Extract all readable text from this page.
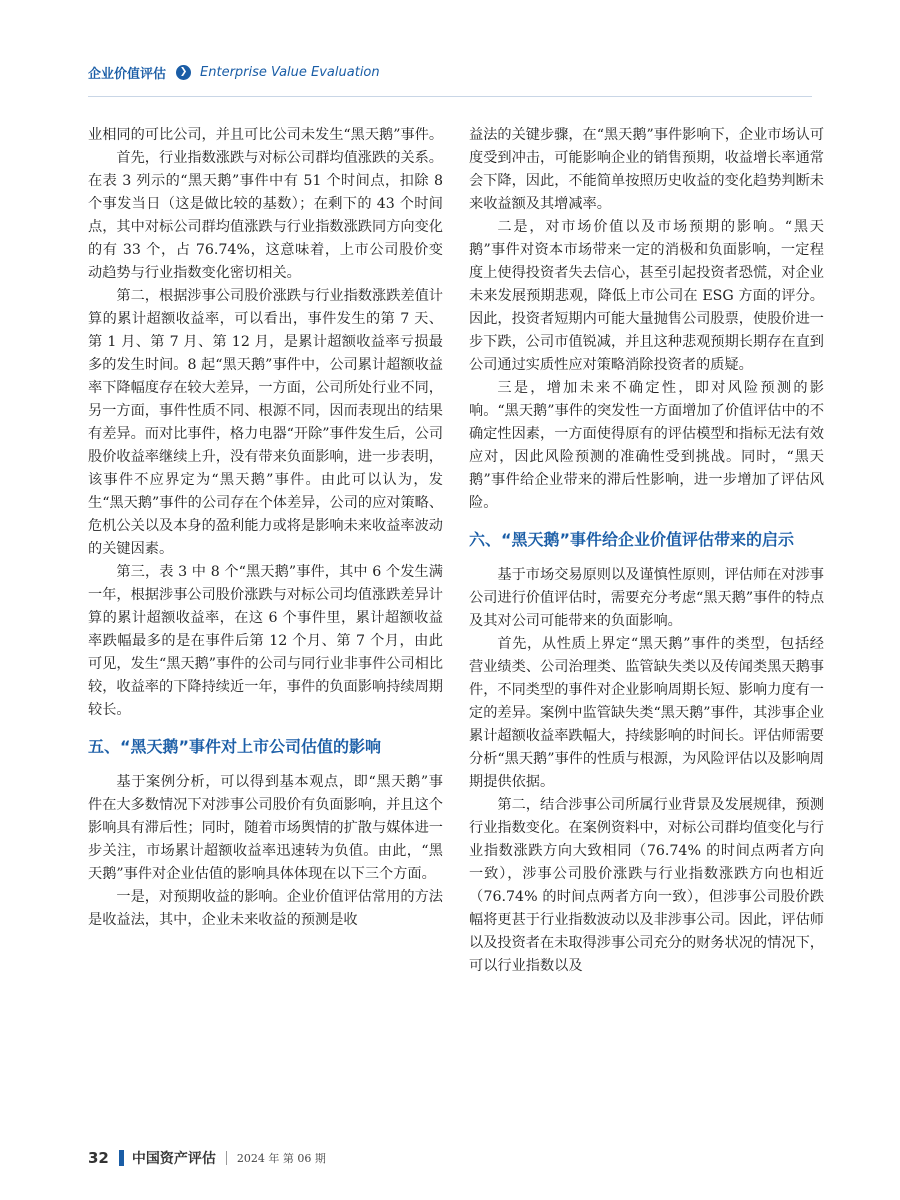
企业价值评估	❯ Enterprise Value Evaluation

业相同的可比公司，并且可比公司未发生“黑天鹅”事件。

首先，行业指数涨跌与对标公司群均值涨跌的关系。在表 3 列示的“黑天鹅”事件中有 51 个时间点，扣除 8 个事发当日（这是做比较的基数）；在剩下的 43 个时间点，其中对标公司群均值涨跌与行业指数涨跌同方向变化的有 33 个，占 76.74%，这意味着，上市公司股价变动趋势与行业指数变化密切相关。

第二，根据涉事公司股价涨跌与行业指数涨跌差值计算的累计超额收益率，可以看出，事件发生的第 7 天、第 1 月、第 7 月、第 12 月，是累计超额收益率亏损最多的发生时间。8 起“黑天鹅”事件中，公司累计超额收益率下降幅度存在较大差异，一方面，公司所处行业不同，另一方面，事件性质不同、根源不同，因而表现出的结果有差异。而对比事件，格力电器“开除”事件发生后，公司股价收益率继续上升，没有带来负面影响，进一步表明，该事件不应界定为“黑天鹅”事件。由此可以认为，发生“黑天鹅”事件的公司存在个体差异，公司的应对策略、危机公关以及本身的盈利能力或将是影响未来收益率波动的关键因素。

第三，表 3 中 8 个“黑天鹅”事件，其中 6 个发生满一年，根据涉事公司股价涨跌与对标公司均值涨跌差异计算的累计超额收益率，在这 6 个事件里，累计超额收益率跌幅最多的是在事件后第 12 个月、第 7 个月，由此可见，发生“黑天鹅”事件的公司与同行业非事件公司相比较，收益率的下降持续近一年，事件的负面影响持续周期较长。

五、“黑天鹅”事件对上市公司估值的影响

基于案例分析，可以得到基本观点，即“黑天鹅”事件在大多数情况下对涉事公司股价有负面影响，并且这个影响具有滞后性；同时，随着市场舆情的扩散与媒体进一步关注，市场累计超额收益率迅速转为负值。由此，“黑天鹅”事件对企业估值的影响具体体现在以下三个方面。

一是，对预期收益的影响。企业价值评估常用的方法是收益法，其中，企业未来收益的预测是收

益法的关键步骤，在“黑天鹅”事件影响下，企业市场认可度受到冲击，可能影响企业的销售预期，收益增长率通常会下降，因此，不能简单按照历史收益的变化趋势判断未来收益额及其增减率。

二是，对市场价值以及市场预期的影响。“黑天鹅”事件对资本市场带来一定的消极和负面影响，一定程度上使得投资者失去信心，甚至引起投资者恐慌，对企业未来发展预期悲观，降低上市公司在 ESG 方面的评分。因此，投资者短期内可能大量抛售公司股票，使股价进一步下跌，公司市值锐减，并且这种悲观预期长期存在直到公司通过实质性应对策略消除投资者的质疑。

三是，增加未来不确定性，即对风险预测的影响。“黑天鹅”事件的突发性一方面增加了价值评估中的不确定性因素，一方面使得原有的评估模型和指标无法有效应对，因此风险预测的准确性受到挑战。同时，“黑天鹅”事件给企业带来的滞后性影响，进一步增加了评估风险。

六、“黑天鹅”事件给企业价值评估带来的启示

基于市场交易原则以及谨慎性原则，评估师在对涉事公司进行价值评估时，需要充分考虑“黑天鹅”事件的特点及其对公司可能带来的负面影响。

首先，从性质上界定“黑天鹅”事件的类型，包括经营业绩类、公司治理类、监管缺失类以及传闻类黑天鹅事件，不同类型的事件对企业影响周期长短、影响力度有一定的差异。案例中监管缺失类“黑天鹅”事件，其涉事企业累计超额收益率跌幅大，持续影响的时间长。评估师需要分析“黑天鹅”事件的性质与根源，为风险评估以及影响周期提供依据。

第二，结合涉事公司所属行业背景及发展规律，预测行业指数变化。在案例资料中，对标公司群均值变化与行业指数涨跌方向大致相同（76.74% 的时间点两者方向一致），涉事公司股价涨跌与行业指数涨跌方向也相近（76.74% 的时间点两者方向一致），但涉事公司股价跌幅将更甚于行业指数波动以及非涉事公司。因此，评估师以及投资者在未取得涉事公司充分的财务状况的情况下，可以行业指数以及

32 中国资产评估 2024 年 第 06 期
